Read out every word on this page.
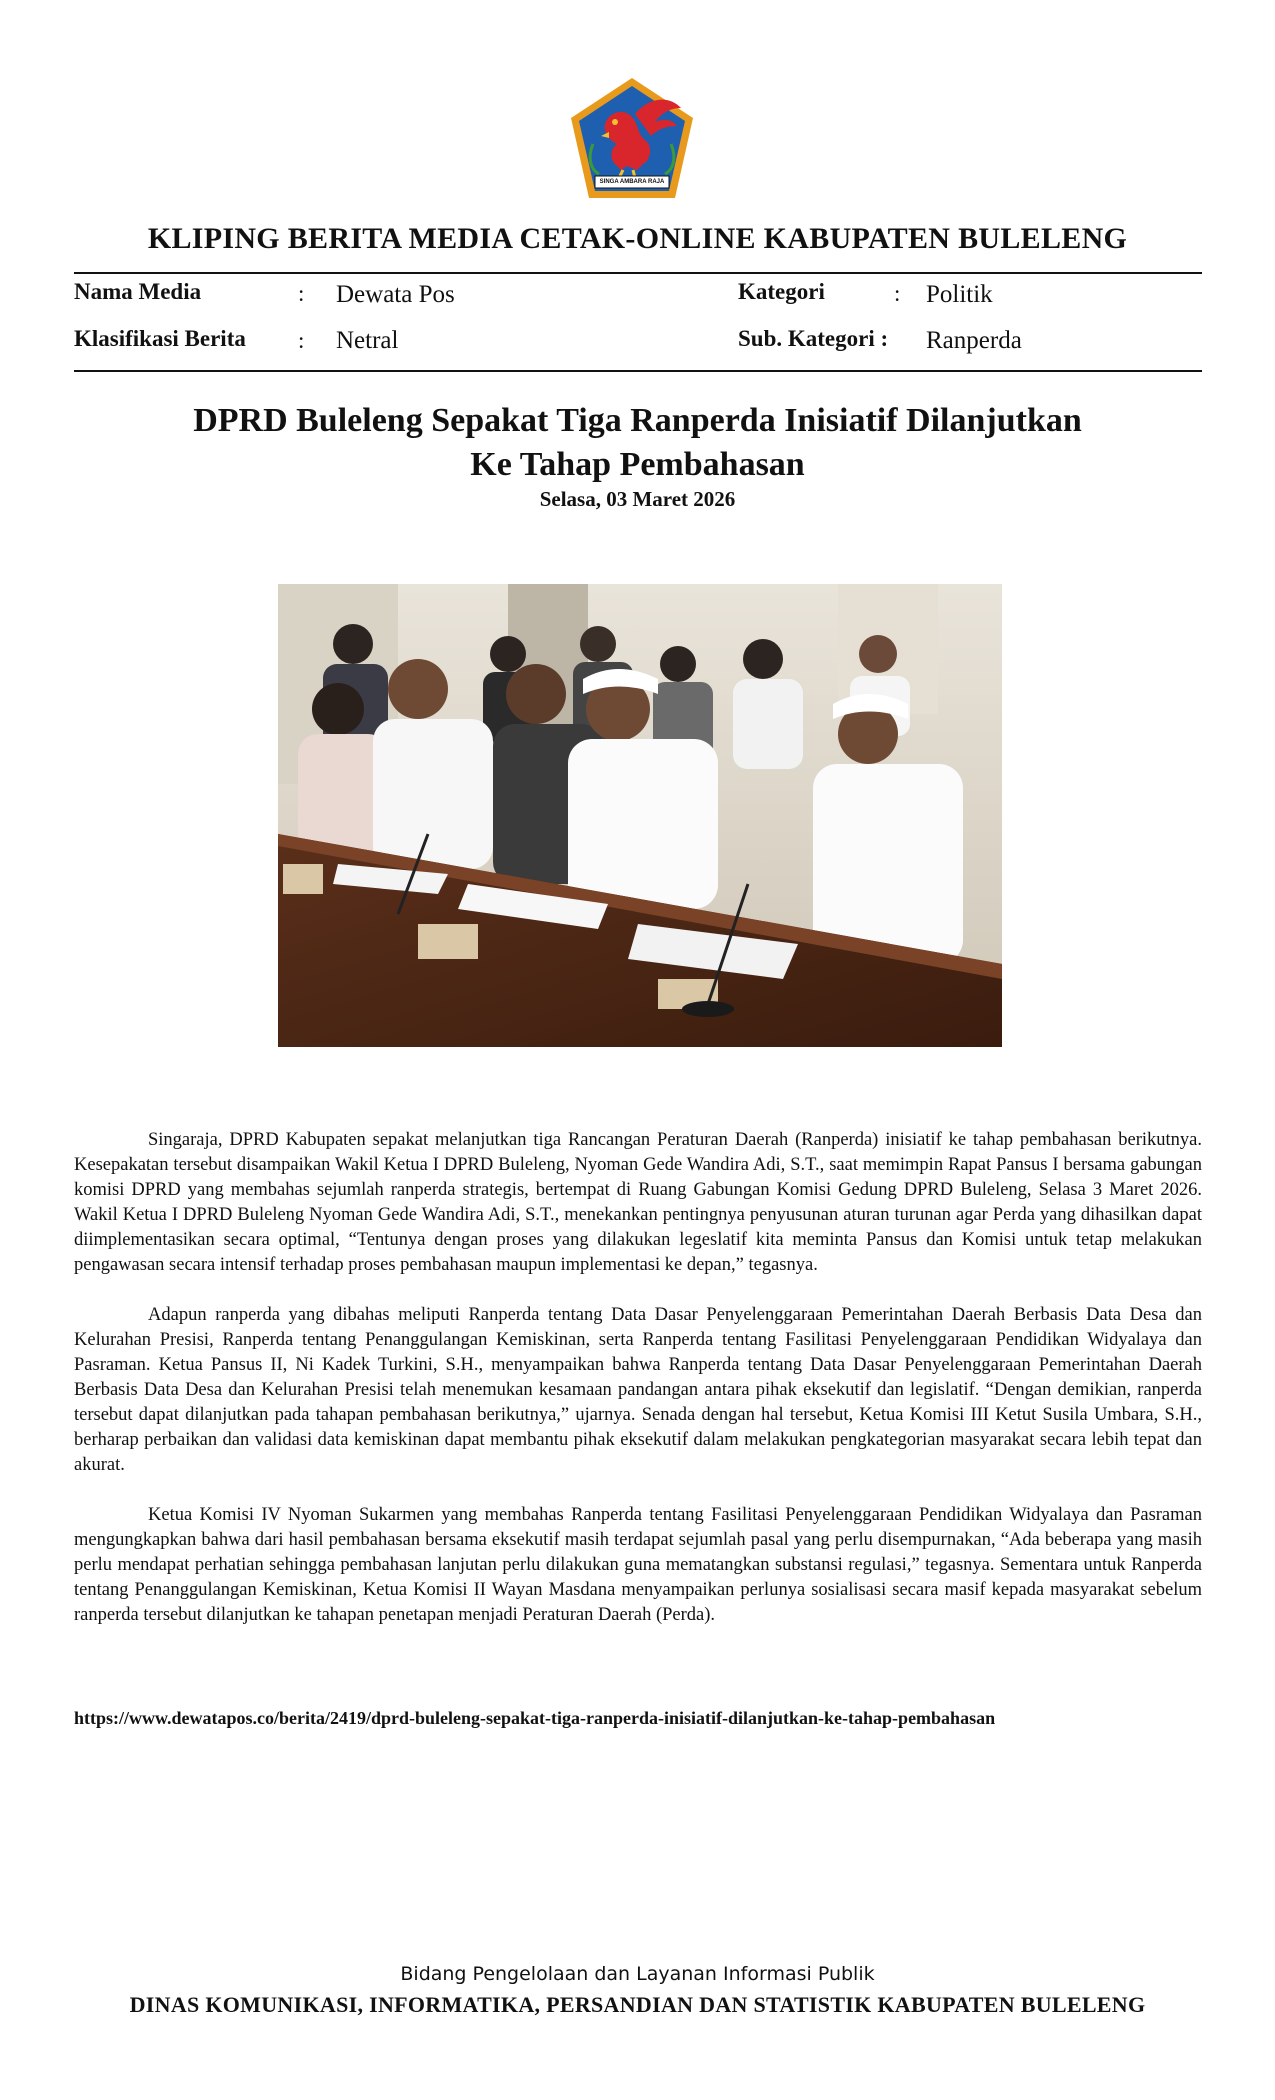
SINGA AMBARA RAJA
KLIPING BERITA MEDIA CETAK-ONLINE KABUPATEN BULELENG
Nama Media	: Dewata Pos
Klasifikasi Berita : Netral
Kategori	: Politik
Sub. Kategori : Ranperda
DPRD Buleleng Sepakat Tiga Ranperda Inisiatif Dilanjutkan
Ke Tahap Pembahasan
Selasa, 03 Maret 2026

Singaraja, DPRD Kabupaten sepakat melanjutkan tiga Rancangan Peraturan Daerah (Ranperda) inisiatif ke tahap pembahasan berikutnya. Kesepakatan tersebut disampaikan Wakil Ketua I DPRD Buleleng, Nyoman Gede Wandira Adi, S.T., saat memimpin Rapat Pansus I bersama gabungan komisi DPRD yang membahas sejumlah ranperda strategis, bertempat di Ruang Gabungan Komisi Gedung DPRD Buleleng, Selasa 3 Maret 2026. Wakil Ketua I DPRD Buleleng Nyoman Gede Wandira Adi, S.T., menekankan pentingnya penyusunan aturan turunan agar Perda yang dihasilkan dapat diimplementasikan secara optimal, “Tentunya dengan proses yang dilakukan legeslatif kita meminta Pansus dan Komisi untuk tetap melakukan pengawasan secara intensif terhadap proses pembahasan maupun implementasi ke depan,” tegasnya.

Adapun ranperda yang dibahas meliputi Ranperda tentang Data Dasar Penyelenggaraan Pemerintahan Daerah Berbasis Data Desa dan Kelurahan Presisi, Ranperda tentang Penanggulangan Kemiskinan, serta Ranperda tentang Fasilitasi Penyelenggaraan Pendidikan Widyalaya dan Pasraman. Ketua Pansus II, Ni Kadek Turkini, S.H., menyampaikan bahwa Ranperda tentang Data Dasar Penyelenggaraan Pemerintahan Daerah Berbasis Data Desa dan Kelurahan Presisi telah menemukan kesamaan pandangan antara pihak eksekutif dan legislatif. “Dengan demikian, ranperda tersebut dapat dilanjutkan pada tahapan pembahasan berikutnya,” ujarnya. Senada dengan hal tersebut, Ketua Komisi III Ketut Susila Umbara, S.H., berharap perbaikan dan validasi data kemiskinan dapat membantu pihak eksekutif dalam melakukan pengkategorian masyarakat secara lebih tepat dan akurat.

Ketua Komisi IV Nyoman Sukarmen yang membahas Ranperda tentang Fasilitasi Penyelenggaraan Pendidikan Widyalaya dan Pasraman mengungkapkan bahwa dari hasil pembahasan bersama eksekutif masih terdapat sejumlah pasal yang perlu disempurnakan, “Ada beberapa yang masih perlu mendapat perhatian sehingga pembahasan lanjutan perlu dilakukan guna mematangkan substansi regulasi,” tegasnya. Sementara untuk Ranperda tentang Penanggulangan Kemiskinan, Ketua Komisi II Wayan Masdana menyampaikan perlunya sosialisasi secara masif kepada masyarakat sebelum ranperda tersebut dilanjutkan ke tahapan penetapan menjadi Peraturan Daerah (Perda).

https://www.dewatapos.co/berita/2419/dprd-buleleng-sepakat-tiga-ranperda-inisiatif-dilanjutkan-ke-tahap-pembahasan
Bidang Pengelolaan dan Layanan Informasi Publik
DINAS KOMUNIKASI, INFORMATIKA, PERSANDIAN DAN STATISTIK KABUPATEN BULELENG
